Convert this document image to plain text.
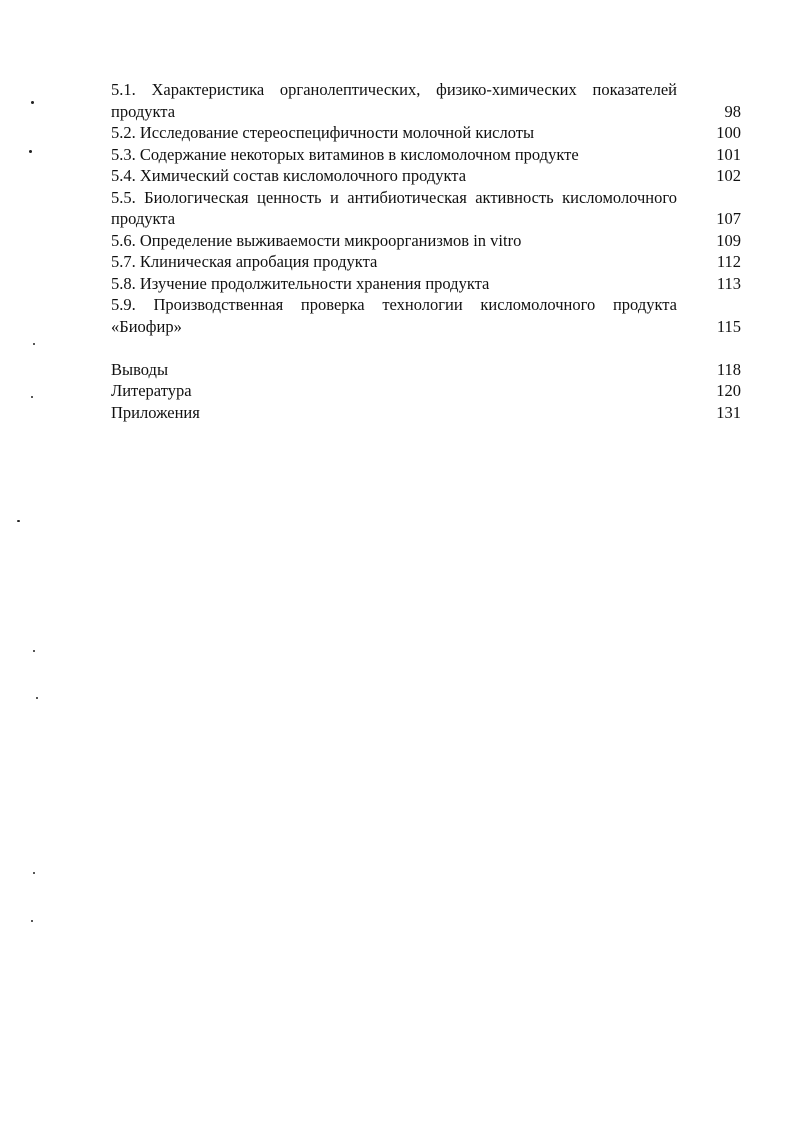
5.1. Характеристика органолептических, физико-химических показателей продукта	98
5.2. Исследование стереоспецифичности молочной кислоты	100
5.3. Содержание некоторых витаминов в кисломолочном продукте	101
5.4. Химический состав кисломолочного продукта	102
5.5. Биологическая ценность и антибиотическая активность кисломолочного продукта	107
5.6. Определение выживаемости микроорганизмов in vitro	109
5.7. Клиническая апробация продукта	112
5.8. Изучение продолжительности хранения продукта	113
5.9. Производственная проверка технологии кисломолочного продукта «Биофир»	115
Выводы	118
Литература	120
Приложения	131
